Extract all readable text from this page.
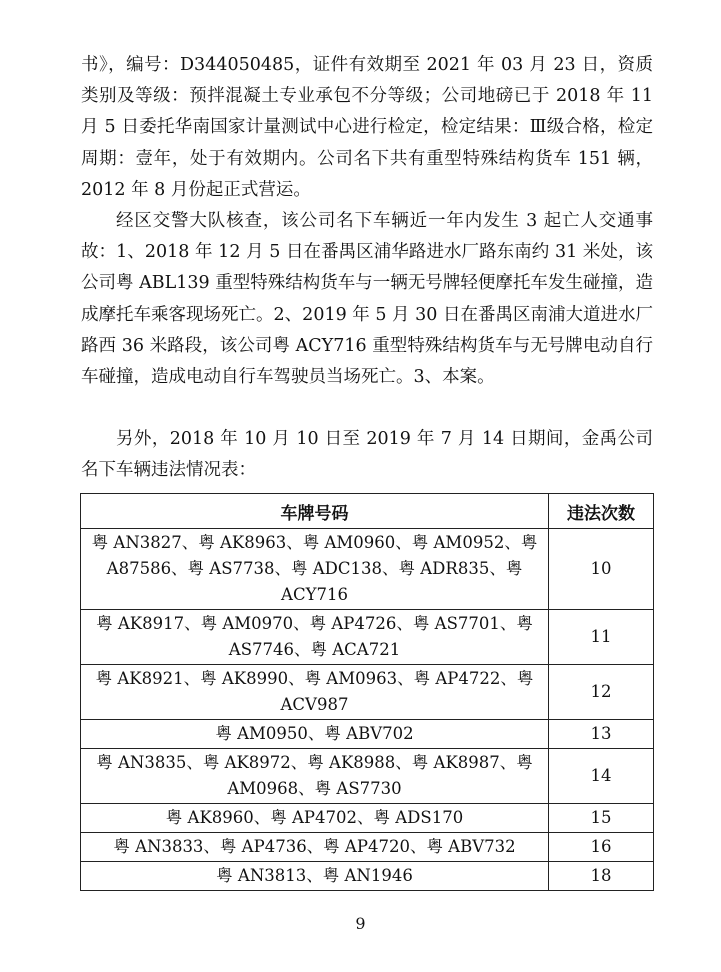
书》，编号：D344050485，证件有效期至 2021 年 03 月 23 日，资质类别及等级：预拌混凝土专业承包不分等级；公司地磅已于 2018 年 11 月 5 日委托华南国家计量测试中心进行检定，检定结果：Ⅲ级合格，检定周期：壹年，处于有效期内。公司名下共有重型特殊结构货车 151 辆，2012 年 8 月份起正式营运。

经区交警大队核查，该公司名下车辆近一年内发生 3 起亡人交通事故：1、2018 年 12 月 5 日在番禺区浦华路进水厂路东南约 31 米处，该公司粤 ABL139 重型特殊结构货车与一辆无号牌轻便摩托车发生碰撞，造成摩托车乘客现场死亡。2、2019 年 5 月 30 日在番禺区南浦大道进水厂路西 36 米路段，该公司粤 ACY716 重型特殊结构货车与无号牌电动自行车碰撞，造成电动自行车驾驶员当场死亡。3、本案。

另外，2018 年 10 月 10 日至 2019 年 7 月 14 日期间，金禹公司名下车辆违法情况表：

车牌号码	违法次数
粤 AN3827、粤 AK8963、粤 AM0960、粤 AM0952、粤 A87586、粤 AS7738、粤 ADC138、粤 ADR835、粤 ACY716	10
粤 AK8917、粤 AM0970、粤 AP4726、粤 AS7701、粤 AS7746、粤 ACA721	11
粤 AK8921、粤 AK8990、粤 AM0963、粤 AP4722、粤 ACV987	12
粤 AM0950、粤 ABV702	13
粤 AN3835、粤 AK8972、粤 AK8988、粤 AK8987、粤 AM0968、粤 AS7730	14
粤 AK8960、粤 AP4702、粤 ADS170	15
粤 AN3833、粤 AP4736、粤 AP4720、粤 ABV732	16
粤 AN3813、粤 AN1946	18
9
